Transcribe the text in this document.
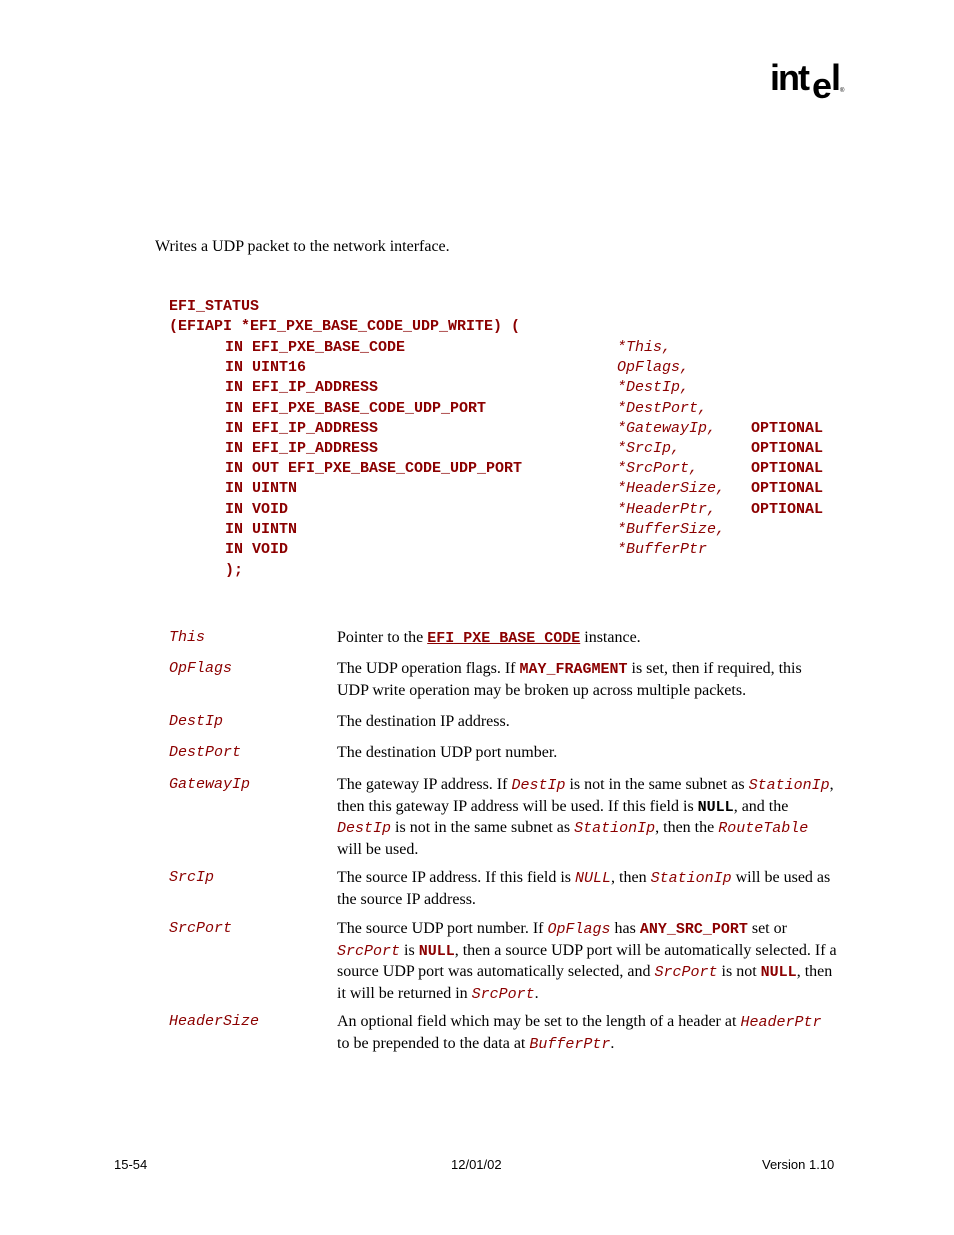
int e
l
®
Writes a UDP packet to the network interface.
EFI_STATUS
(EFIAPI *EFI_PXE_BASE_CODE_UDP_WRITE) (
IN EFI_PXE_BASE_CODE	*This,
IN UINT16	OpFlags,
IN EFI_IP_ADDRESS	*DestIp,
IN EFI_PXE_BASE_CODE_UDP_PORT	*DestPort,
IN EFI_IP_ADDRESS	*GatewayIp, OPTIONAL
IN EFI_IP_ADDRESS	*SrcIp,	OPTIONAL
IN OUT EFI_PXE_BASE_CODE_UDP_PORT	*SrcPort,	OPTIONAL
IN UINTN	*HeaderSize, OPTIONAL
IN VOID	*HeaderPtr, OPTIONAL
IN UINTN	*BufferSize,
IN VOID	*BufferPtr
);
This	Pointer to the EFI_PXE_BASE_CODE instance.
OpFlags	The UDP operation flags. If MAY_FRAGMENT is set, then if required, this UDP write operation may be broken up across multiple packets.
DestIp	The destination IP address.
DestPort	The destination UDP port number.
GatewayIp	The gateway IP address. If DestIp is not in the same subnet as StationIp, then this gateway IP address will be used. If this field is NULL, and the DestIp is not in the same subnet as StationIp, then the RouteTable will be used.
SrcIp	The source IP address. If this field is NULL, then StationIp will be used as the source IP address.
SrcPort	The source UDP port number. If OpFlags has ANY_SRC_PORT set or SrcPort is NULL, then a source UDP port will be automatically selected. If a source UDP port was automatically selected, and SrcPort is not NULL, then it will be returned in SrcPort.
HeaderSize	An optional field which may be set to the length of a header at HeaderPtr to be prepended to the data at BufferPtr.
15-54	12/01/02	Version 1.10
